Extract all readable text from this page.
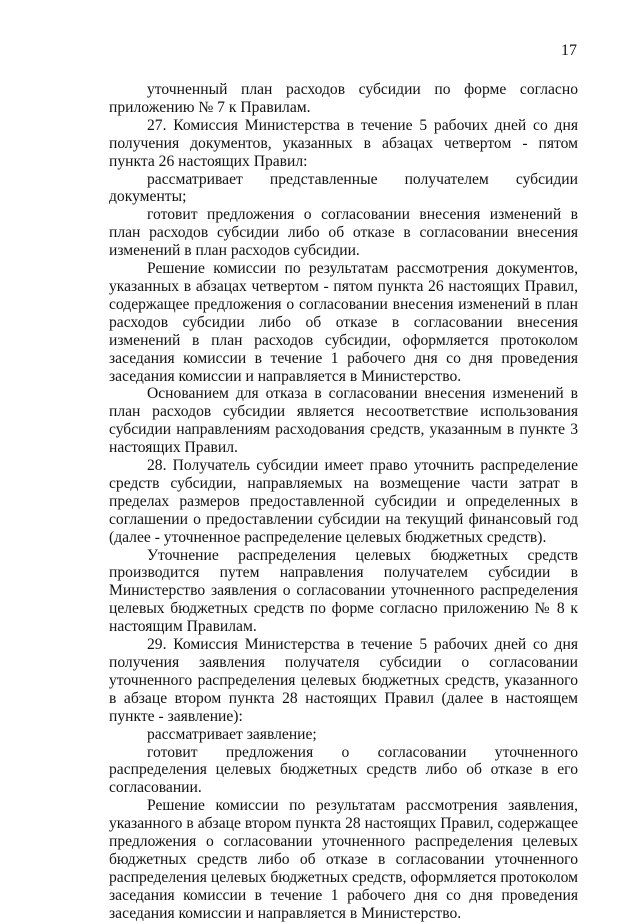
17

уточненный план расходов субсидии по форме согласно приложению № 7 к Правилам.

27. Комиссия Министерства в течение 5 рабочих дней со дня получения документов, указанных в абзацах четвертом - пятом пункта 26 настоящих Правил:

рассматривает представленные получателем субсидии документы;

готовит предложения о согласовании внесения изменений в план расходов субсидии либо об отказе в согласовании внесения изменений в план расходов субсидии.

Решение комиссии по результатам рассмотрения документов, указанных в абзацах четвертом - пятом пункта 26 настоящих Правил, содержащее предложения о согласовании внесения изменений в план расходов субсидии либо об отказе в согласовании внесения изменений в план расходов субсидии, оформляется протоколом заседания комиссии в течение 1 рабочего дня со дня проведения заседания комиссии и направляется в Министерство.

Основанием для отказа в согласовании внесения изменений в план расходов субсидии является несоответствие использования субсидии направлениям расходования средств, указанным в пункте 3 настоящих Правил.

28. Получатель субсидии имеет право уточнить распределение средств субсидии, направляемых на возмещение части затрат в пределах размеров предоставленной субсидии и определенных в соглашении о предоставлении субсидии на текущий финансовый год (далее - уточненное распределение целевых бюджетных средств).

Уточнение распределения целевых бюджетных средств производится путем направления получателем субсидии в Министерство заявления о согласовании уточненного распределения целевых бюджетных средств по форме согласно приложению № 8 к настоящим Правилам.

29. Комиссия Министерства в течение 5 рабочих дней со дня получения заявления получателя субсидии о согласовании уточненного распределения целевых бюджетных средств, указанного в абзаце втором пункта 28 настоящих Правил (далее в настоящем пункте - заявление):

рассматривает заявление;

готовит предложения о согласовании уточненного распределения целевых бюджетных средств либо об отказе в его согласовании.

Решение комиссии по результатам рассмотрения заявления, указанного в абзаце втором пункта 28 настоящих Правил, содержащее предложения о согласовании уточненного распределения целевых бюджетных средств либо об отказе в согласовании уточненного распределения целевых бюджетных средств, оформляется протоколом заседания комиссии в течение 1 рабочего дня со дня проведения заседания комиссии и направляется в Министерство.
